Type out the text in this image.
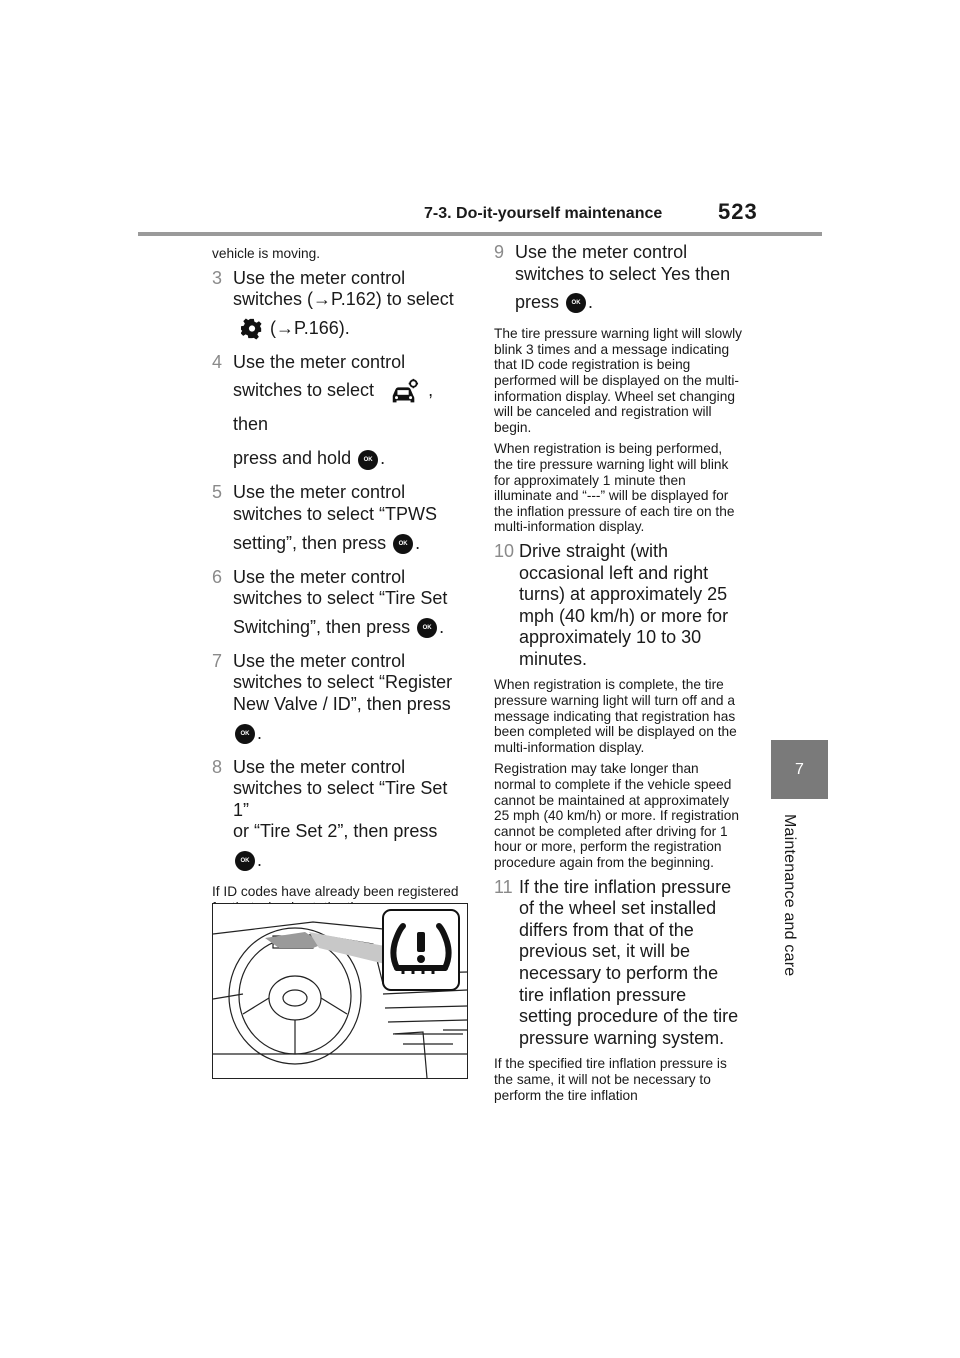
7-3. Do-it-yourself maintenance	523
7
Maintenance and care

vehicle is moving.

3 Use the meter control
switches (→P.162) to select
(→P.166).
4 Use the meter control
switches to select	, then
press and hold OK .
5 Use the meter control
switches to select “TPWS
setting”, then press OK .
6 Use the meter control
switches to select “Tire Set
Switching”, then press OK .
7 Use the meter control
switches to select “Register
New Valve / ID”, then press
OK .
8 Use the meter control
switches to select “Tire Set 1”
or “Tire Set 2”, then press
OK .

If ID codes have already been registered

9 Use the meter control
switches to select Yes then
press OK .

The tire pressure warning light will slowly blink 3 times and a message indicating that ID code registration is being performed will be displayed on the multi-information display. Wheel set changing will be canceled and registration will begin.

When registration is being performed, the tire pressure warning light will blink for approximately 1 minute then illuminate and “---” will be displayed for the inflation pressure of each tire on the multi-information display.

10 Drive straight (with occasional left and right turns) at approximately 25 mph (40 km/h) or more for approximately 10 to 30 minutes.

When registration is complete, the tire pressure warning light will turn off and a message indicating that registration has been completed will be displayed on the multi-information display.

Registration may take longer than normal to complete if the vehicle speed cannot be maintained at approximately 25 mph (40 km/h) or more. If registration cannot be completed after driving for 1 hour or more, perform the registration procedure again from the beginning.

11 If the tire inflation pressure of the wheel set installed differs from that of the previous set, it will be necessary to perform the tire inflation pressure setting procedure of the tire pressure warning system.

If the specified tire inflation pressure is the same, it will not be necessary to perform the tire inflation
